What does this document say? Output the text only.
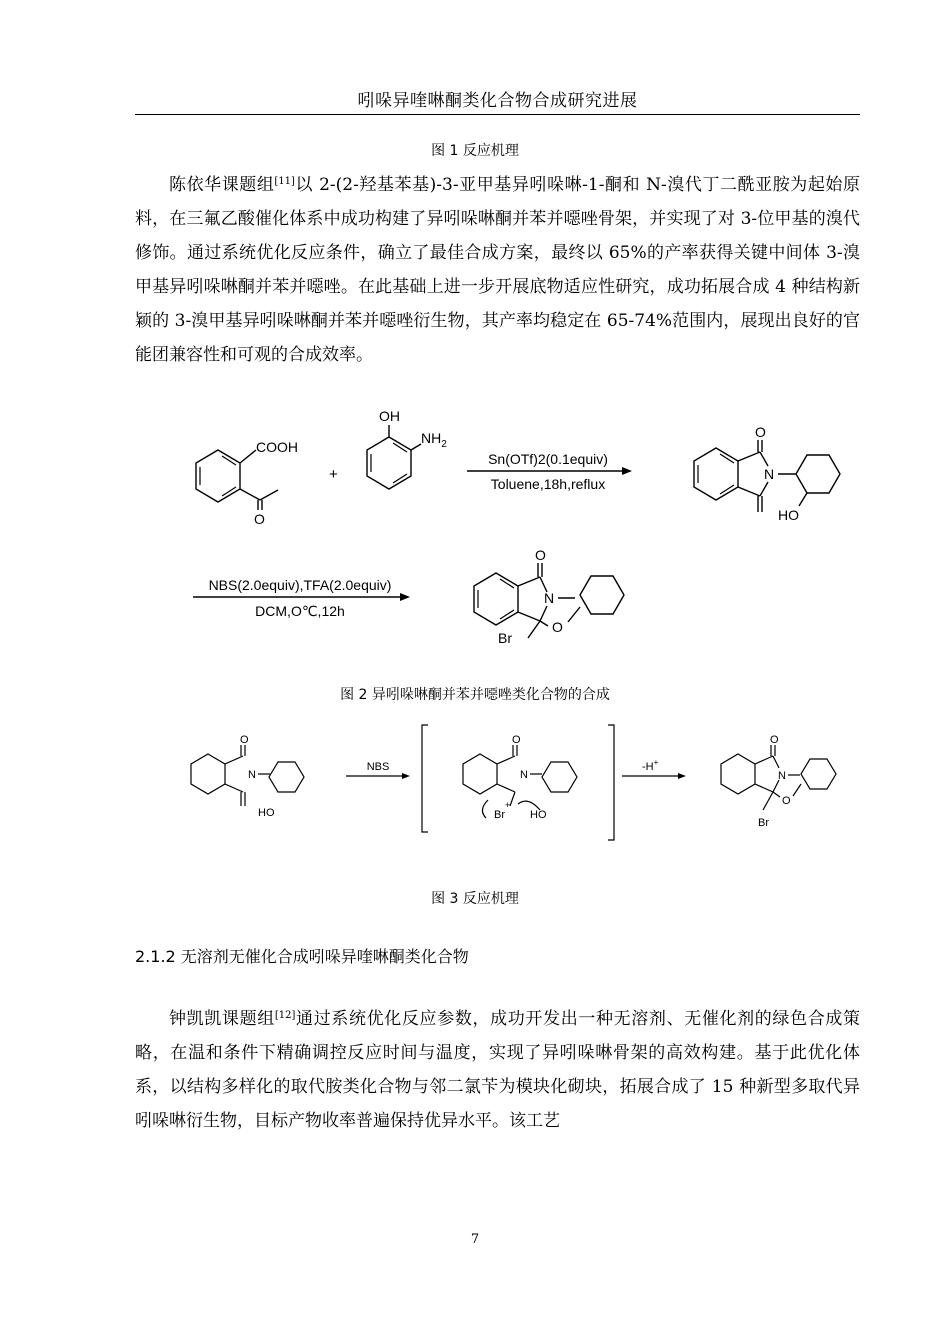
吲哚异喹啉酮类化合物合成研究进展
图 1 反应机理

陈依华课题组[11]以 2-(2-羟基苯基)-3-亚甲基异吲哚啉-1-酮和 N-溴代丁二酰亚胺为起始原料，在三氟乙酸催化体系中成功构建了异吲哚啉酮并苯并噁唑骨架，并实现了对 3-位甲基的溴代修饰。通过系统优化反应条件，确立了最佳合成方案，最终以 65%的产率获得关键中间体 3-溴甲基异吲哚啉酮并苯并噁唑。在此基础上进一步开展底物适应性研究，成功拓展合成 4 种结构新颖的 3-溴甲基异吲哚啉酮并苯并噁唑衍生物，其产率均稳定在 65-74%范围内，展现出良好的官能团兼容性和可观的合成效率。

COOH
O
+
OH
$NH_2$
Sn(OTf)2(0.1equiv)
Toluene,18h,reflux
O
N
HO
NBS(2.0equiv),TFA(2.0equiv)
DCM,O℃,12h
O
N
O
Br
图 2 异吲哚啉酮并苯并噁唑类化合物的合成
O
N
HO
NBS
O
N
Br
+
HO
-H+
O
N
O
Br
图 3 反应机理
2.1.2 无溶剂无催化合成吲哚异喹啉酮类化合物

钟凯凯课题组[12]通过系统优化反应参数，成功开发出一种无溶剂、无催化剂的绿色合成策略，在温和条件下精确调控反应时间与温度，实现了异吲哚啉骨架的高效构建。基于此优化体系，以结构多样化的取代胺类化合物与邻二氯苄为模块化砌块，拓展合成了 15 种新型多取代异吲哚啉衍生物，目标产物收率普遍保持优异水平。该工艺

7
